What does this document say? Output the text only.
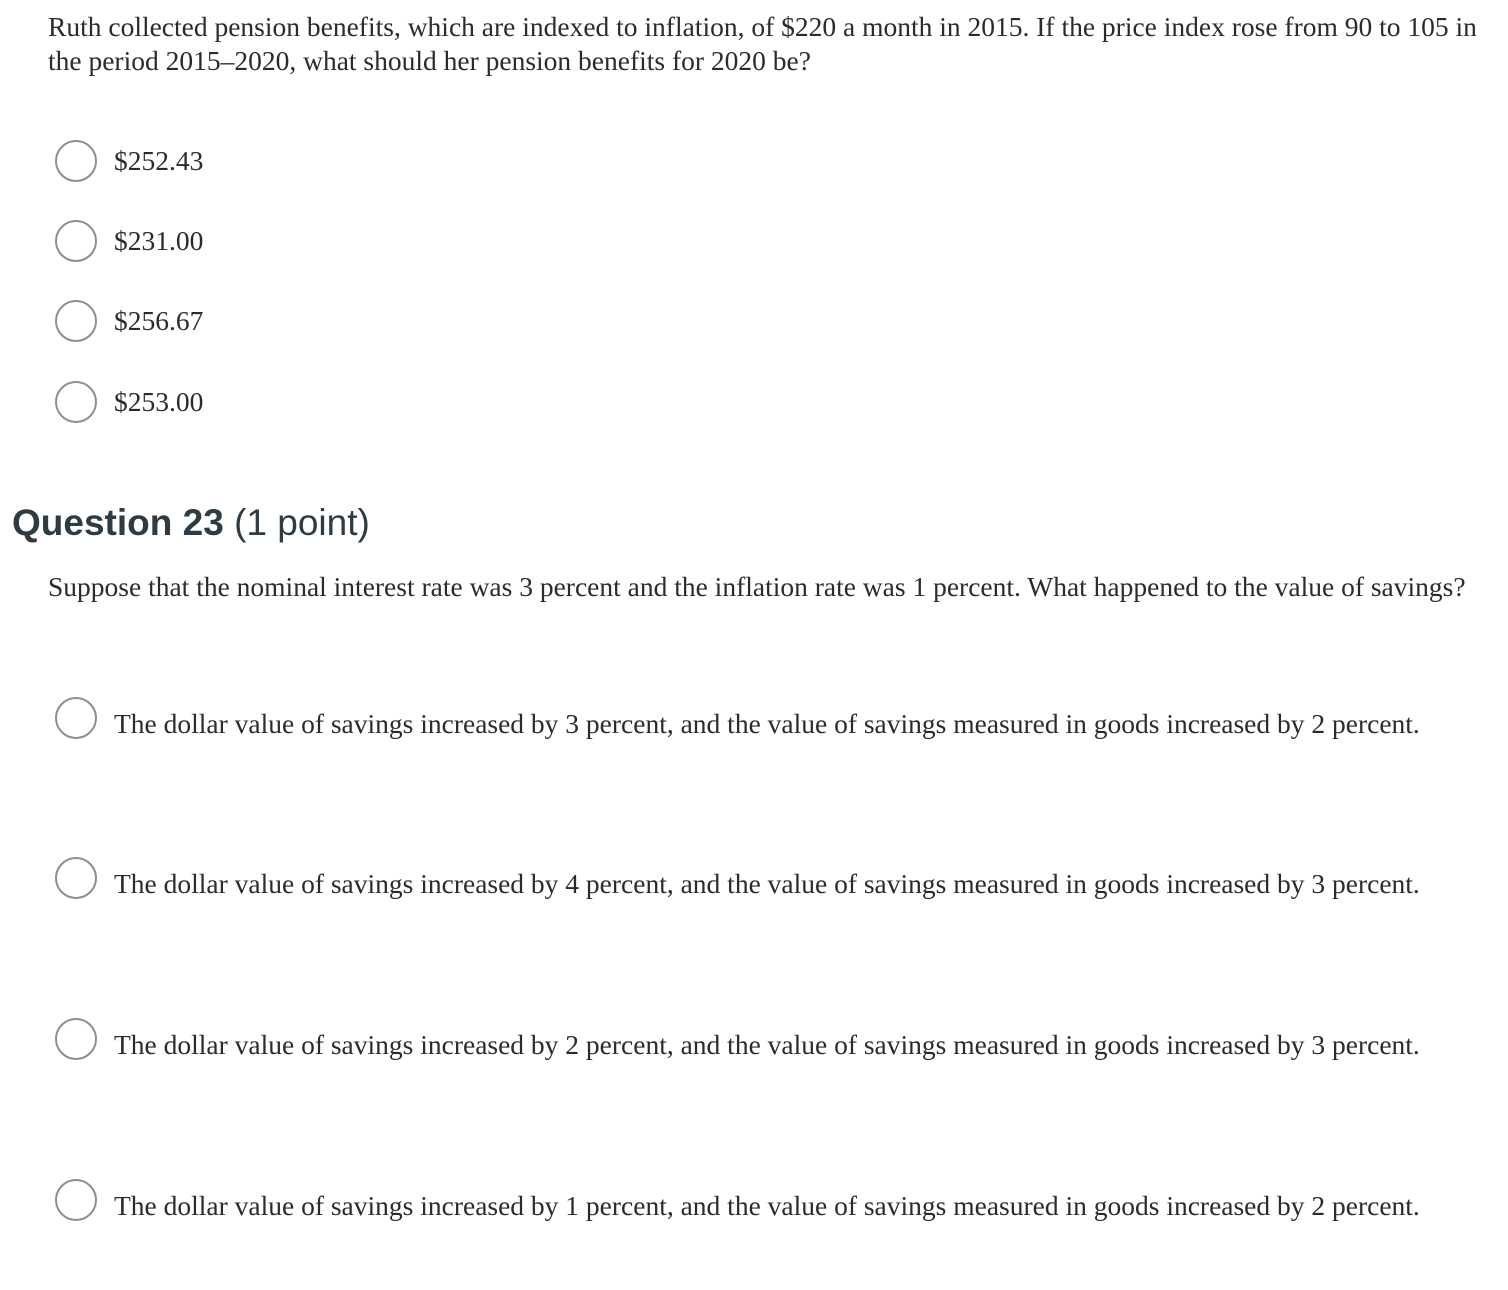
Ruth collected pension benefits, which are indexed to inflation, of $220 a month in 2015. If the price index rose from 90 to 105 in the period 2015–2020, what should her pension benefits for 2020 be?
$252.43
$231.00
$256.67
$253.00
Question 23 (1 point)
Suppose that the nominal interest rate was 3 percent and the inflation rate was 1 percent. What happened to the value of savings?
The dollar value of savings increased by 3 percent, and the value of savings measured in goods increased by 2 percent.
The dollar value of savings increased by 4 percent, and the value of savings measured in goods increased by 3 percent.
The dollar value of savings increased by 2 percent, and the value of savings measured in goods increased by 3 percent.
The dollar value of savings increased by 1 percent, and the value of savings measured in goods increased by 2 percent.
